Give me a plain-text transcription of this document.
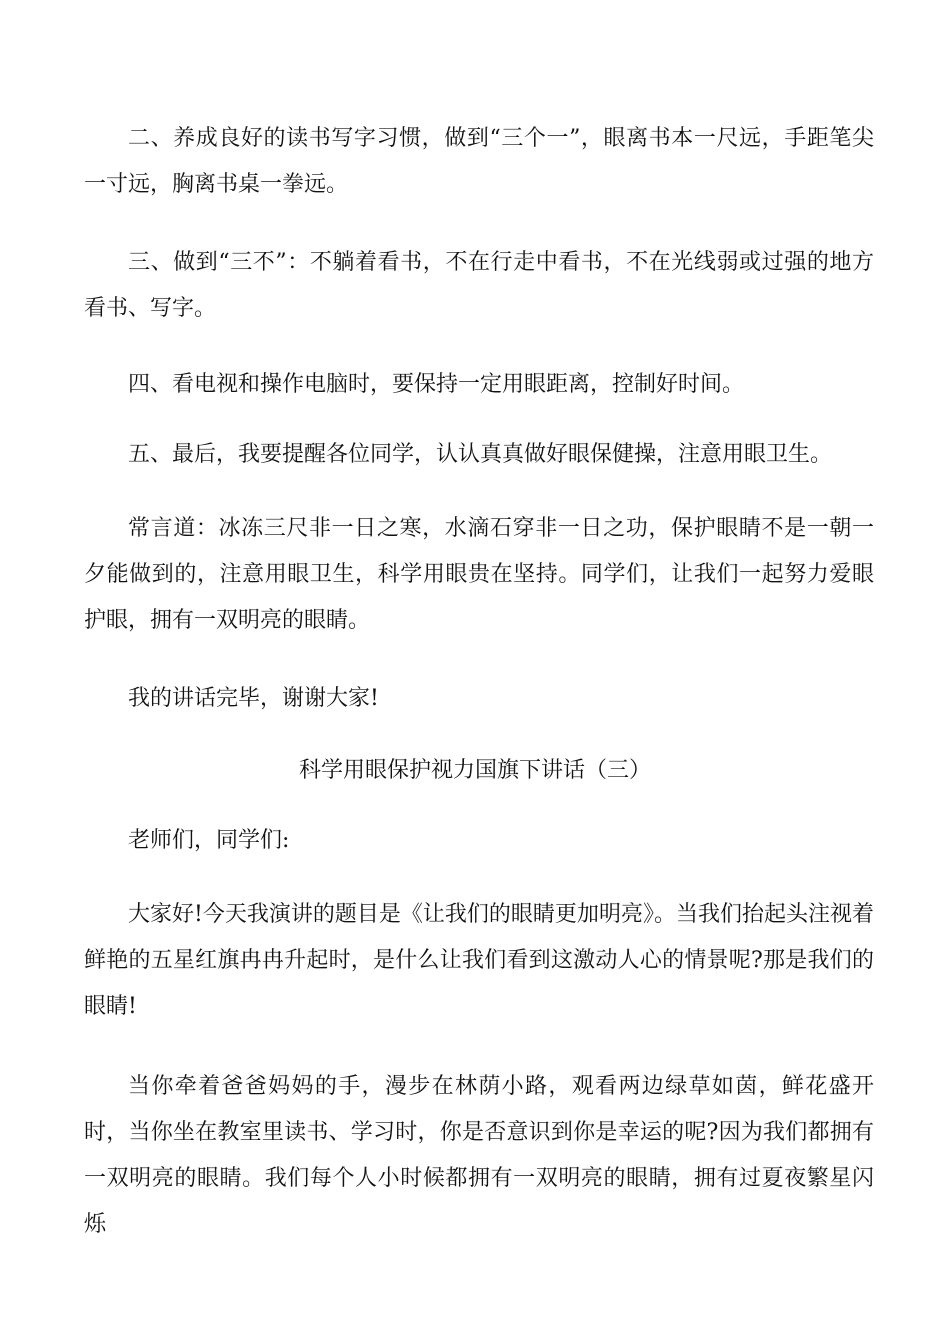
二、养成良好的读书写字习惯，做到“三个一”，眼离书本一尺远，手距笔尖一寸远，胸离书桌一拳远。

三、做到“三不”：不躺着看书，不在行走中看书，不在光线弱或过强的地方看书、写字。

四、看电视和操作电脑时，要保持一定用眼距离，控制好时间。

五、最后，我要提醒各位同学，认认真真做好眼保健操，注意用眼卫生。

常言道：冰冻三尺非一日之寒，水滴石穿非一日之功，保护眼睛不是一朝一夕能做到的，注意用眼卫生，科学用眼贵在坚持。同学们，让我们一起努力爱眼护眼，拥有一双明亮的眼睛。

我的讲话完毕，谢谢大家!

科学用眼保护视力国旗下讲话（三）

老师们，同学们:

大家好!今天我演讲的题目是《让我们的眼睛更加明亮》。当我们抬起头注视着鲜艳的五星红旗冉冉升起时，是什么让我们看到这激动人心的情景呢?那是我们的眼睛!

当你牵着爸爸妈妈的手，漫步在林荫小路，观看两边绿草如茵，鲜花盛开时，当你坐在教室里读书、学习时，你是否意识到你是幸运的呢?因为我们都拥有一双明亮的眼睛。我们每个人小时候都拥有一双明亮的眼睛，拥有过夏夜繁星闪烁
